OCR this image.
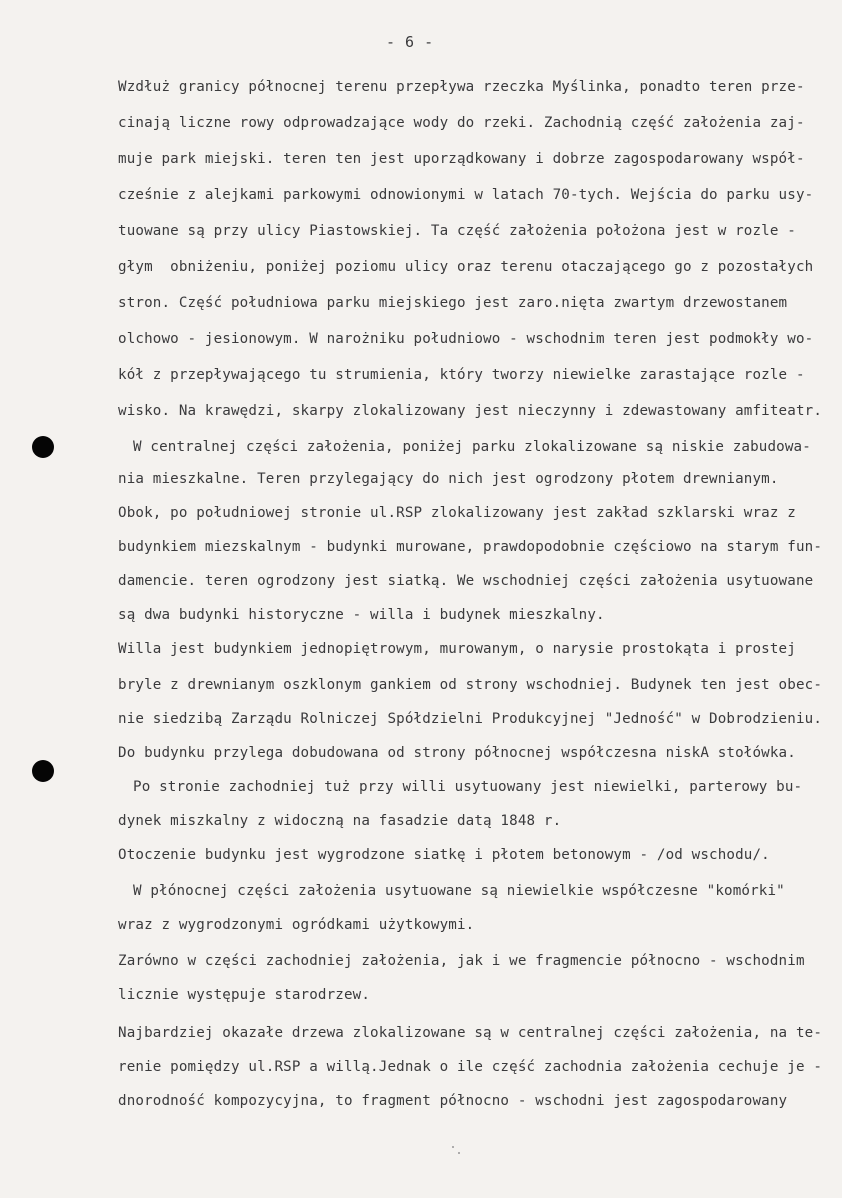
- 6 -
Wzdłuż granicy północnej terenu przepływa rzeczka Myślinka, ponadto teren prze-
cinają liczne rowy odprowadzające wody do rzeki. Zachodnią część założenia zaj-
muje park miejski. teren ten jest uporządkowany i dobrze zagospodarowany współ-
cześnie z alejkami parkowymi odnowionymi w latach 70-tych. Wejścia do parku usy-
tuowane są przy ulicy Piastowskiej. Ta część założenia położona jest w rozle -
głym  obniżeniu, poniżej poziomu ulicy oraz terenu otaczającego go z pozostałych
stron. Część południowa parku miejskiego jest zaro.nięta zwartym drzewostanem
olchowo - jesionowym. W narożniku południowo - wschodnim teren jest podmokły wo-
kół z przepływającego tu strumienia, który tworzy niewielke zarastające rozle -
wisko. Na krawędzi, skarpy zlokalizowany jest nieczynny i zdewastowany amfiteatr.
W centralnej części założenia, poniżej parku zlokalizowane są niskie zabudowa-
nia mieszkalne. Teren przylegający do nich jest ogrodzony płotem drewnianym.
Obok, po południowej stronie ul.RSP zlokalizowany jest zakład szklarski wraz z
budynkiem miezskalnym - budynki murowane, prawdopodobnie częściowo na starym fun-
damencie. teren ogrodzony jest siatką. We wschodniej części założenia usytuowane
są dwa budynki historyczne - willa i budynek mieszkalny.
Willa jest budynkiem jednopiętrowym, murowanym, o narysie prostokąta i prostej
bryle z drewnianym oszklonym gankiem od strony wschodniej. Budynek ten jest obec-
nie siedzibą Zarządu Rolniczej Spółdzielni Produkcyjnej "Jedność" w Dobrodzieniu.
Do budynku przylega dobudowana od strony północnej współczesna niskA stołówka.
Po stronie zachodniej tuż przy willi usytuowany jest niewielki, parterowy bu-
dynek miszkalny z widoczną na fasadzie datą 1848 r.
Otoczenie budynku jest wygrodzone siatkę i płotem betonowym - /od wschodu/.
W płónocnej części założenia usytuowane są niewielkie współczesne "komórki"
wraz z wygrodzonymi ogródkami użytkowymi.
Zarówno w części zachodniej założenia, jak i we fragmencie północno - wschodnim
licznie występuje starodrzew.
Najbardziej okazałe drzewa zlokalizowane są w centralnej części założenia, na te-
renie pomiędzy ul.RSP a willą.Jednak o ile część zachodnia założenia cechuje je -
dnorodność kompozycyjna, to fragment północno - wschodni jest zagospodarowany
